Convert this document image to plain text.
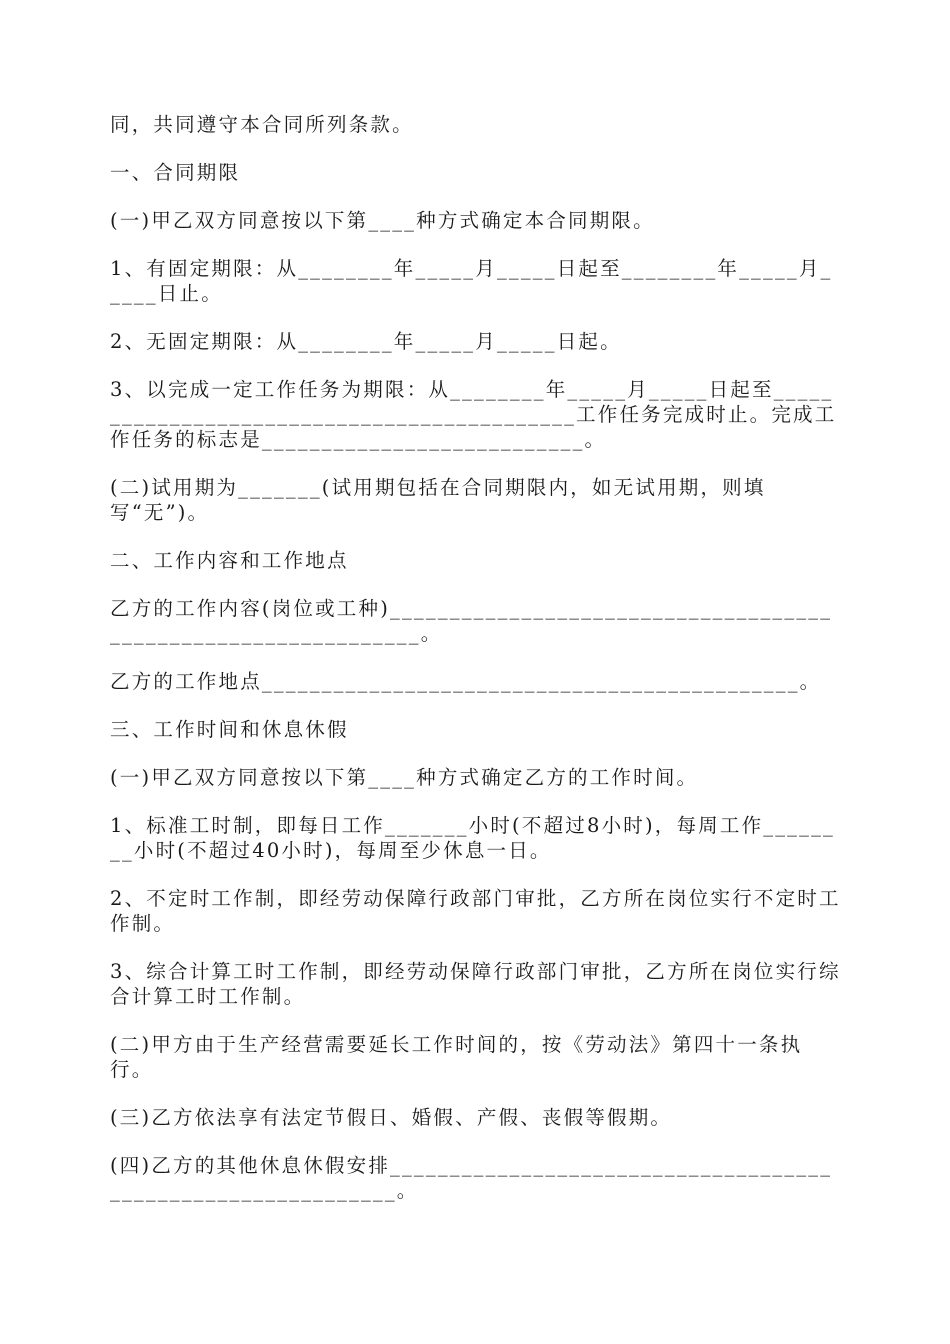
同，共同遵守本合同所列条款。

一、合同期限

(一)甲乙双方同意按以下第____种方式确定本合同期限。

1、有固定期限：从________年_____月_____日起至________年_____月_____日止。

2、无固定期限：从________年_____月_____日起。

3、以完成一定工作任务为期限：从________年_____月_____日起至____________________________________________工作任务完成时止。完成工作任务的标志是___________________________。

(二)试用期为_______(试用期包括在合同期限内，如无试用期，则填写“无”)。

二、工作内容和工作地点

乙方的工作内容(岗位或工种)_______________________________________________________________。

乙方的工作地点_____________________________________________。

三、工作时间和休息休假

(一)甲乙双方同意按以下第____种方式确定乙方的工作时间。

1、标准工时制，即每日工作_______小时(不超过8小时)，每周工作________小时(不超过40小时)，每周至少休息一日。

2、不定时工作制，即经劳动保障行政部门审批，乙方所在岗位实行不定时工作制。

3、综合计算工时工作制，即经劳动保障行政部门审批，乙方所在岗位实行综合计算工时工作制。

(二)甲方由于生产经营需要延长工作时间的，按《劳动法》第四十一条执行。

(三)乙方依法享有法定节假日、婚假、产假、丧假等假期。

(四)乙方的其他休息休假安排_____________________________________________________________。
